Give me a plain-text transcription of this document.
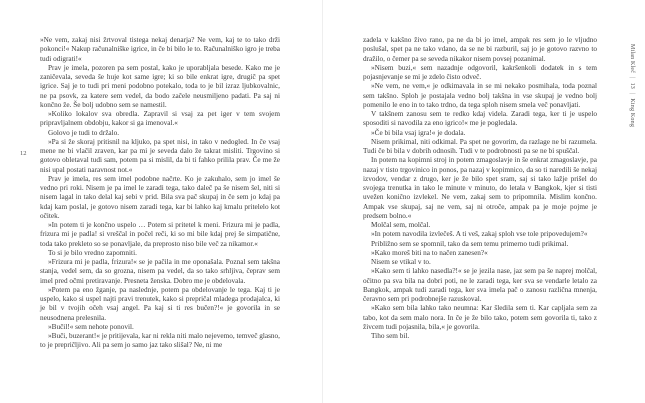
12

»Ne vem, zakaj nisi žrtvoval tistega nekaj denarja? Ne vem, kaj te to tako drži pokonci!« Nakup računalniške igrice, in če bi bilo le to. Računalniško igro je treba tudi odigrati!«

Prav je imela, pozoren pa sem postal, kako je uporabljala besede. Kako me je zaničevala, seveda še huje kot same igre; ki so bile enkrat igre, drugič pa spet igrice. Saj je to tudi pri meni podobno potekalo, toda to je bil izraz ljubkovalnic, ne pa psovk, za katere sem vedel, da bodo začele neusmiljeno padati. Pa saj ni končno že. Še bolj udobno sem se namestil.

»Koliko lokalov sva obredla. Zapravil si vsaj za pet iger v tem svojem pripravljalnem obdobju, kakor si ga imenoval.«

Golovo je tudi to držalo.

»Pa si že skoraj pritisnil na kljuko, pa spet nisi, in tako v nedogled. In če vsaj mene ne bi vlačil zraven, kar pa mi je seveda dalo že takrat misliti. Trgovino si gotovo obletaval tudi sam, potem pa si mislil, da bi ti fahko prilila prav. Če me že nisi upal postati naravnost not.«

Prav je imela, res sem imel podobne načrte. Ko je zakuhalo, sem jo imel še vedno pri roki. Nisem je pa imel le zaradi tega, tako daleč pa še nisem šel, niti si nisem lagal in tako delal kaj sebi v prid. Bila sva pač skupaj in če sem jo kdaj pa kdaj kam poslal, je gotovo nisem zaradi tega, kar bi lahko kaj kmalu pritelelo kot očitek.

»In potem ti je končno uspelo … Potem si pritetel k meni. Frizura mi je padla, frizura mi je padla! si vreščal in počel reči, ki so mi bile kdaj prej še simpatične, toda tako prekleto so se ponavljale, da preprosto niso bile več za nikamor.«

To si je bilo vredno zapomniti.

»Frizura mi je padla, frizura!« se je pačila in me oponašala. Poznal sem takšna stanja, vedel sem, da so grozna, nisem pa vedel, da so tako srhljiva, čeprav sem imel pred očmi pretiravanje. Presneta ženska. Dobro me je obdelovala.

»Potem pa eno žganje, pa naslednje, potem pa obdelovanje le tega. Kaj ti je uspelo, kako si uspel najti pravi trenutek, kako si prepričal mladega prodajalca, ki je bil v tvojih očeh vsaj angel. Pa kaj si ti res bučen?!« je govorila in se neusodnena prelesnila.

»Bučil!« sem nehote ponovil.

»Buči, buzerant!« je pritijevala, kar ni rekla niti malo nejevemo, temveč glasno, to je prepričljivo. Ali pa sem jo samo jaz tako slišal? Ne, ni me

zadela v kakšno živo rano, pa ne da bi jo imel, ampak res sem jo le vljudno poslušal, spet pa ne tako vdano, da se ne bi razburil, saj jo je gotovo razvno to dražilo, o čemer pa se seveda nikakor nisem povsej pozanimal.

»Nisem buzi,« sem nazadnje odgovoril, kakršenkoli dodatek in s tem pojasnjevanje se mi je zdelo čisto odveč.

»Ne vem, ne vem,« je odkimavala in se mi nekako posmihala, toda poznal sem takšno. Sploh je postajala vedno bolj takšna in vse skupaj je vedno bolj pomenilo le eno in to tako trdno, da tega sploh nisem smela več ponavljati.

V takšnem zanosu sem te redko kdaj videla. Zaradi tega, ker ti je uspelo sposoditi si navodila za eno igrico!« me je pogledala.

»Če bi bila vsaj igra!« je dodala.

Nisem prikimal, niti odkimal. Pa spet ne govorim, da razlage ne bi razumela. Tudi če bi bila v dobrih odnosih. Tudi v te podrobnosti pa se ne bi spuščal.

In potem na kopimni stroj in potem zmagoslavje in še enkrat zmagoslavje, pa nazaj v tisto trgovinico in ponos, pa nazaj v kopimnico, da so ti naredili še nekaj izvodov, vendar z drugo, ker je že bilo spet sram, saj si tako lažje prišel do svojega trenutka in tako le minute v minuto, do letala v Bangkok, kjer si tisti uvežen konično izvlekel. Ne vem, zakaj sem to pripomnila. Mislim končno. Ampak vse skupaj, saj ne vem, saj ni otroče, ampak pa je moje pojme je predsem bolno.«

Molčal sem, molčal.

»In potem navodila izvlečeš. A ti veš, zakaj sploh vse tole pripovedujem?«

Približno sem se spomnil, tako da sem temu primerno tudi prikimal.

»Kako moreš biti na to načen zanesen?«

Nisem se vtikal v to.

»Kako sem ti lahko nasedla?!« se je jezila nase, jaz sem pa še naprej molčal, očitno pa sva bila na dobri poti, ne le zaradi tega, ker sva se vendarle letalo za Bangkok, ampak tudi zaradi tega, ker sva imela pač o zanosu različna mnenja, čeravno sem pri podrobnejše razuskoval.

»Kako sem bila lahko tako neumna: Kar šledila sem ti. Kar capljala sem za tabo, kot da sem malo nora. In če je že bilo tako, potem sem govorila ti, tako z živcem tudi pojasnila, bila,« je govorila.

Tiho sem bil.

Milan Kleč|13|King Kong
